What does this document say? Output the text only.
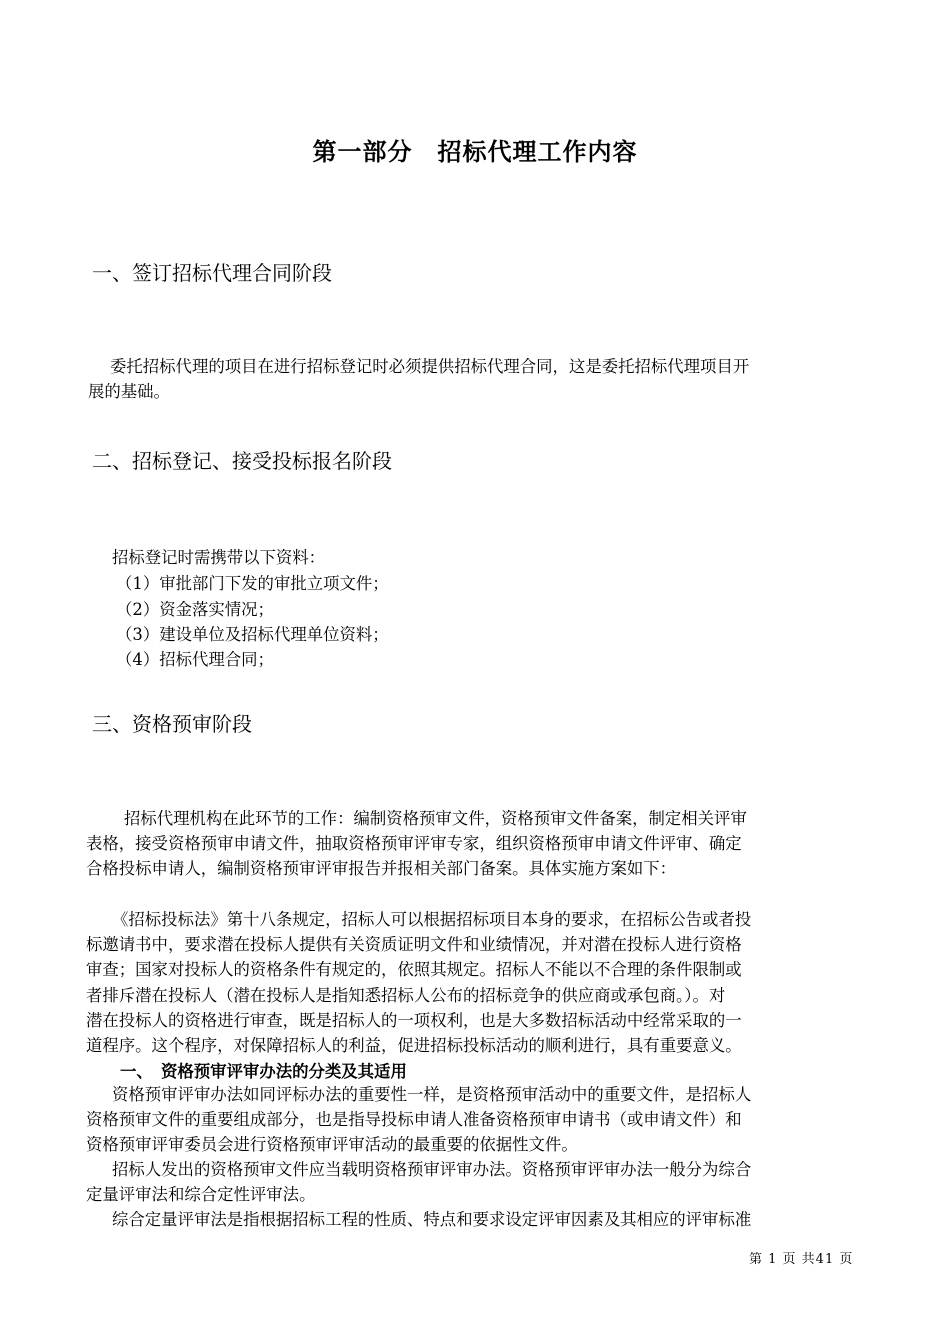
第一部分　招标代理工作内容
一、签订招标代理合同阶段
委托招标代理的项目在进行招标登记时必须提供招标代理合同，这是委托招标代理项目开
展的基础。
二、招标登记、接受投标报名阶段
招标登记时需携带以下资料：
（1）审批部门下发的审批立项文件；
（2）资金落实情况；
（3）建设单位及招标代理单位资料；
（4）招标代理合同；
三、资格预审阶段
招标代理机构在此环节的工作：编制资格预审文件，资格预审文件备案，制定相关评审
表格，接受资格预审申请文件，抽取资格预审评审专家，组织资格预审申请文件评审、确定
合格投标申请人，编制资格预审评审报告并报相关部门备案。具体实施方案如下：
《招标投标法》第十八条规定，招标人可以根据招标项目本身的要求，在招标公告或者投
标邀请书中，要求潜在投标人提供有关资质证明文件和业绩情况，并对潜在投标人进行资格
审查；国家对投标人的资格条件有规定的，依照其规定。招标人不能以不合理的条件限制或
者排斥潜在投标人（潜在投标人是指知悉招标人公布的招标竞争的供应商或承包商。）。对
潜在投标人的资格进行审查，既是招标人的一项权利，也是大多数招标活动中经常采取的一
道程序。这个程序，对保障招标人的利益，促进招标投标活动的顺利进行，具有重要意义。
一、　资格预审评审办法的分类及其适用
资格预审评审办法如同评标办法的重要性一样，是资格预审活动中的重要文件，是招标人
资格预审文件的重要组成部分，也是指导投标申请人准备资格预审申请书（或申请文件）和
资格预审评审委员会进行资格预审评审活动的最重要的依据性文件。
招标人发出的资格预审文件应当载明资格预审评审办法。资格预审评审办法一般分为综合
定量评审法和综合定性评审法。
综合定量评审法是指根据招标工程的性质、特点和要求设定评审因素及其相应的评审标准
第 1 页 共41 页
